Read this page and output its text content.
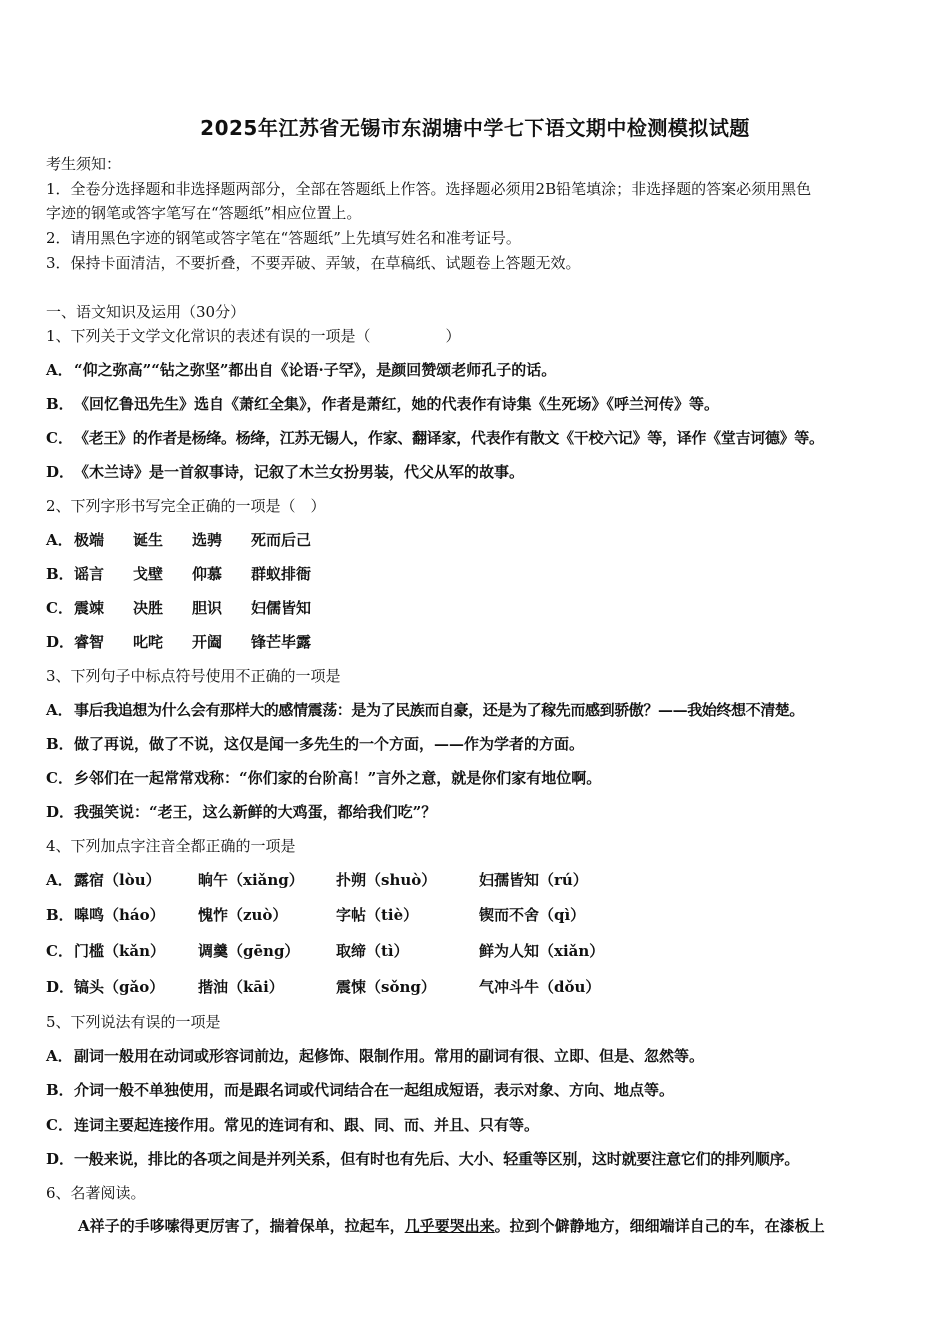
2025年江苏省无锡市东湖塘中学七下语文期中检测模拟试题
考生须知：
1．全卷分选择题和非选择题两部分，全部在答题纸上作答。选择题必须用2B铅笔填涂；非选择题的答案必须用黑色
字迹的钢笔或答字笔写在“答题纸”相应位置上。
2．请用黑色字迹的钢笔或答字笔在“答题纸”上先填写姓名和准考证号。
3．保持卡面清洁，不要折叠，不要弄破、弄皱，在草稿纸、试题卷上答题无效。
一、语文知识及运用（30分）
1、下列关于文学文化常识的表述有误的一项是（　　　　　）
A．“仰之弥高”“钻之弥坚”都出自《论语·子罕》，是颜回赞颂老师孔子的话。
B．《回忆鲁迅先生》选自《萧红全集》，作者是萧红，她的代表作有诗集《生死场》《呼兰河传》等。
C．《老王》的作者是杨绛。杨绛，江苏无锡人，作家、翻译家，代表作有散文《干校六记》等，译作《堂吉诃德》等。
D．《木兰诗》是一首叙事诗，记叙了木兰女扮男装，代父从军的故事。
2、下列字形书写完全正确的一项是（　）
A．极端 诞生 选骋 死而后己
B．谣言 戈壁 仰慕 群蚁排衙
C．震竦 决胜 胆识 妇儒皆知
D．睿智 叱咤 开阖 锋芒毕露
3、下列句子中标点符号使用不正确的一项是
A．事后我追想为什么会有那样大的感情震荡：是为了民族而自豪，还是为了稼先而感到骄傲？——我始终想不清楚。
B．做了再说，做了不说，这仅是闻一多先生的一个方面，——作为学者的方面。
C．乡邻们在一起常常戏称：“你们家的台阶高！”言外之意，就是你们家有地位啊。
D．我强笑说：“老王，这么新鲜的大鸡蛋，都给我们吃”？
4、下列加点字注音全都正确的一项是
A．露宿（lòu） 晌午（xiǎng） 扑朔（shuò）	妇孺皆知（rú）
B．嗥鸣（háo） 愧怍（zuò）	字帖（tiè）	锲而不舍（qì）
C．门槛（kǎn） 调羹（gēng） 取缔（tì）	鲜为人知（xiǎn）
D．镐头（gǎo） 揩油（kāi）	震悚（sǒng）	气冲斗牛（dǒu）
5、下列说法有误的一项是
A．副词一般用在动词或形容词前边，起修饰、限制作用。常用的副词有很、立即、但是、忽然等。
B．介词一般不单独使用，而是跟名词或代词结合在一起组成短语，表示对象、方向、地点等。
C．连词主要起连接作用。常见的连词有和、跟、同、而、并且、只有等。
D．一般来说，排比的各项之间是并列关系，但有时也有先后、大小、轻重等区别，这时就要注意它们的排列顺序。
6、名著阅读。
A祥子的手哆嗦得更厉害了，揣着保单，拉起车，几乎要哭出来。拉到个僻静地方，细细端详自己的车，在漆板上
